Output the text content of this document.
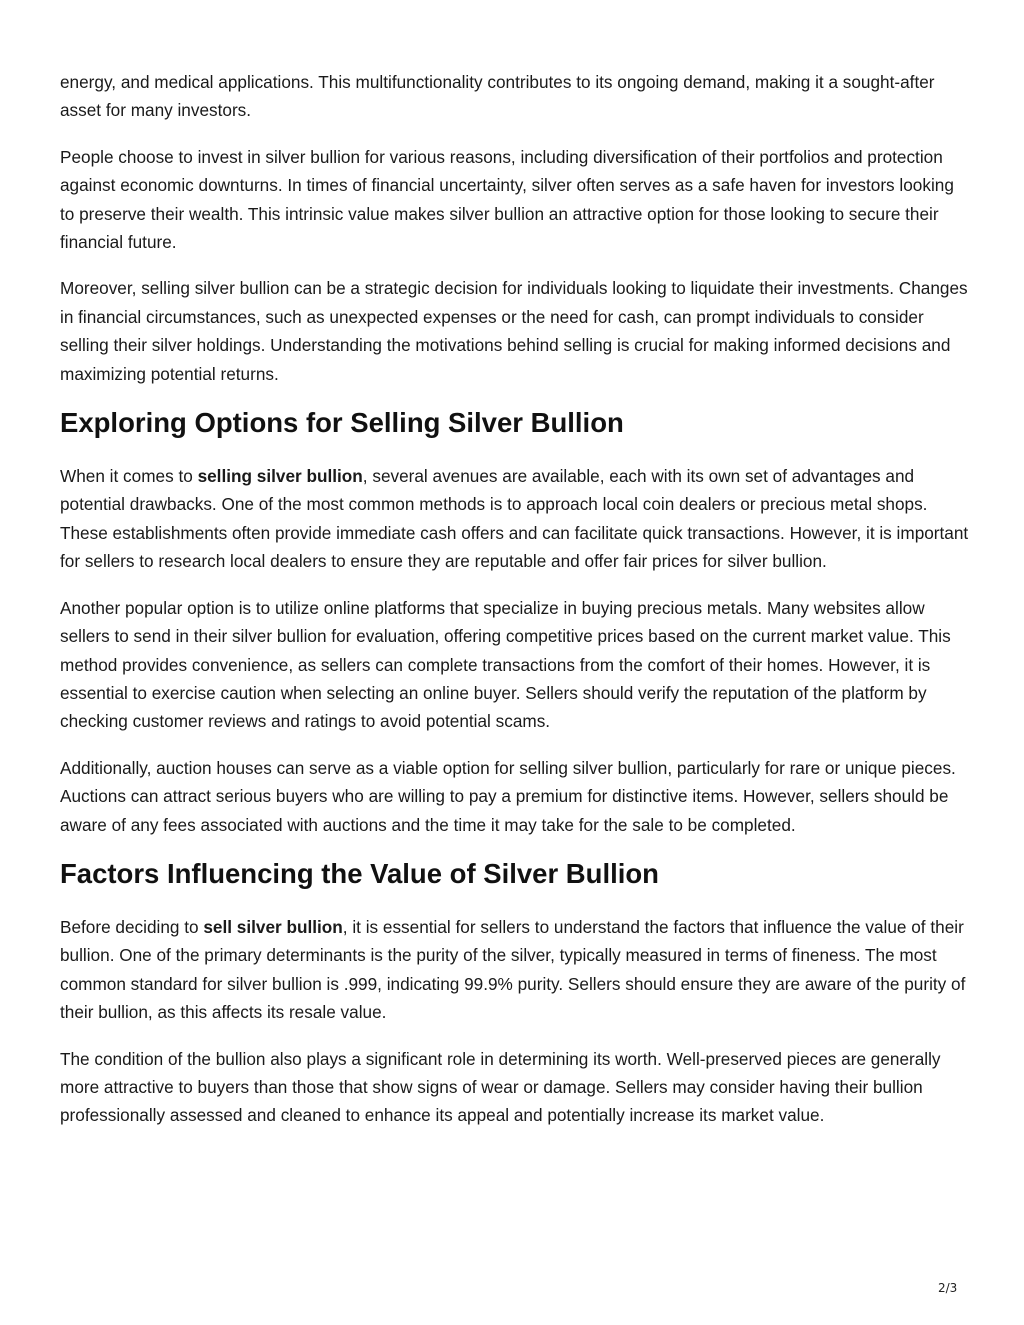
energy, and medical applications. This multifunctionality contributes to its ongoing demand, making it a sought-after asset for many investors.

People choose to invest in silver bullion for various reasons, including diversification of their portfolios and protection against economic downturns. In times of financial uncertainty, silver often serves as a safe haven for investors looking to preserve their wealth. This intrinsic value makes silver bullion an attractive option for those looking to secure their financial future.

Moreover, selling silver bullion can be a strategic decision for individuals looking to liquidate their investments. Changes in financial circumstances, such as unexpected expenses or the need for cash, can prompt individuals to consider selling their silver holdings. Understanding the motivations behind selling is crucial for making informed decisions and maximizing potential returns.

Exploring Options for Selling Silver Bullion

When it comes to selling silver bullion, several avenues are available, each with its own set of advantages and potential drawbacks. One of the most common methods is to approach local coin dealers or precious metal shops. These establishments often provide immediate cash offers and can facilitate quick transactions. However, it is important for sellers to research local dealers to ensure they are reputable and offer fair prices for silver bullion.

Another popular option is to utilize online platforms that specialize in buying precious metals. Many websites allow sellers to send in their silver bullion for evaluation, offering competitive prices based on the current market value. This method provides convenience, as sellers can complete transactions from the comfort of their homes. However, it is essential to exercise caution when selecting an online buyer. Sellers should verify the reputation of the platform by checking customer reviews and ratings to avoid potential scams.

Additionally, auction houses can serve as a viable option for selling silver bullion, particularly for rare or unique pieces. Auctions can attract serious buyers who are willing to pay a premium for distinctive items. However, sellers should be aware of any fees associated with auctions and the time it may take for the sale to be completed.

Factors Influencing the Value of Silver Bullion

Before deciding to sell silver bullion, it is essential for sellers to understand the factors that influence the value of their bullion. One of the primary determinants is the purity of the silver, typically measured in terms of fineness. The most common standard for silver bullion is .999, indicating 99.9% purity. Sellers should ensure they are aware of the purity of their bullion, as this affects its resale value.

The condition of the bullion also plays a significant role in determining its worth. Well-preserved pieces are generally more attractive to buyers than those that show signs of wear or damage. Sellers may consider having their bullion professionally assessed and cleaned to enhance its appeal and potentially increase its market value.

2/3
